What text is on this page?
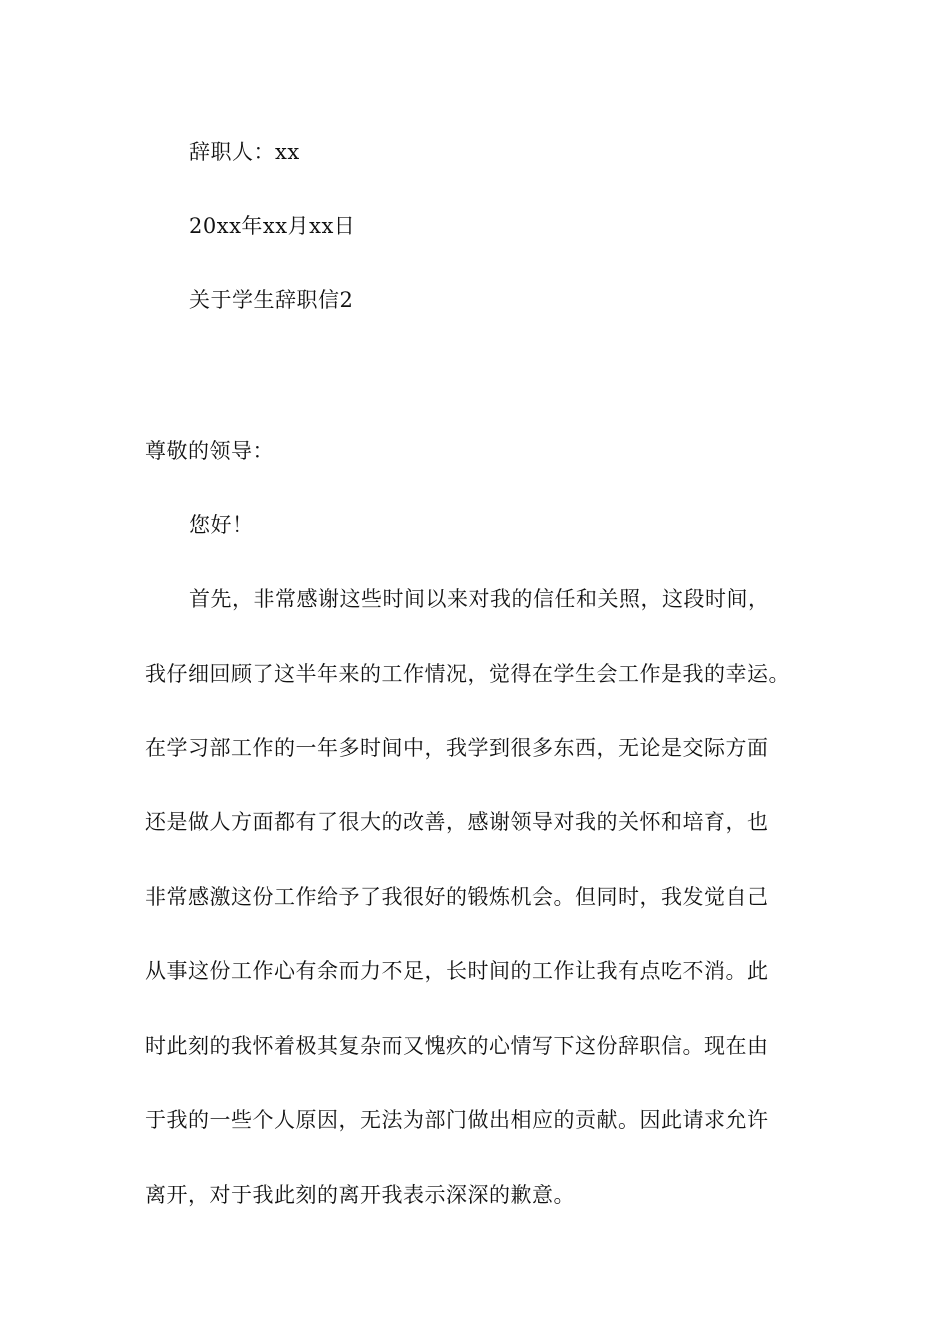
辞职人：xx
20xx年xx月xx日
关于学生辞职信2
尊敬的领导：
您好！
首先，非常感谢这些时间以来对我的信任和关照，这段时间，
我仔细回顾了这半年来的工作情况，觉得在学生会工作是我的幸运。
在学习部工作的一年多时间中，我学到很多东西，无论是交际方面
还是做人方面都有了很大的改善，感谢领导对我的关怀和培育，也
非常感激这份工作给予了我很好的锻炼机会。但同时，我发觉自己
从事这份工作心有余而力不足，长时间的工作让我有点吃不消。此
时此刻的我怀着极其复杂而又愧疚的心情写下这份辞职信。现在由
于我的一些个人原因，无法为部门做出相应的贡献。因此请求允许
离开，对于我此刻的离开我表示深深的歉意。
